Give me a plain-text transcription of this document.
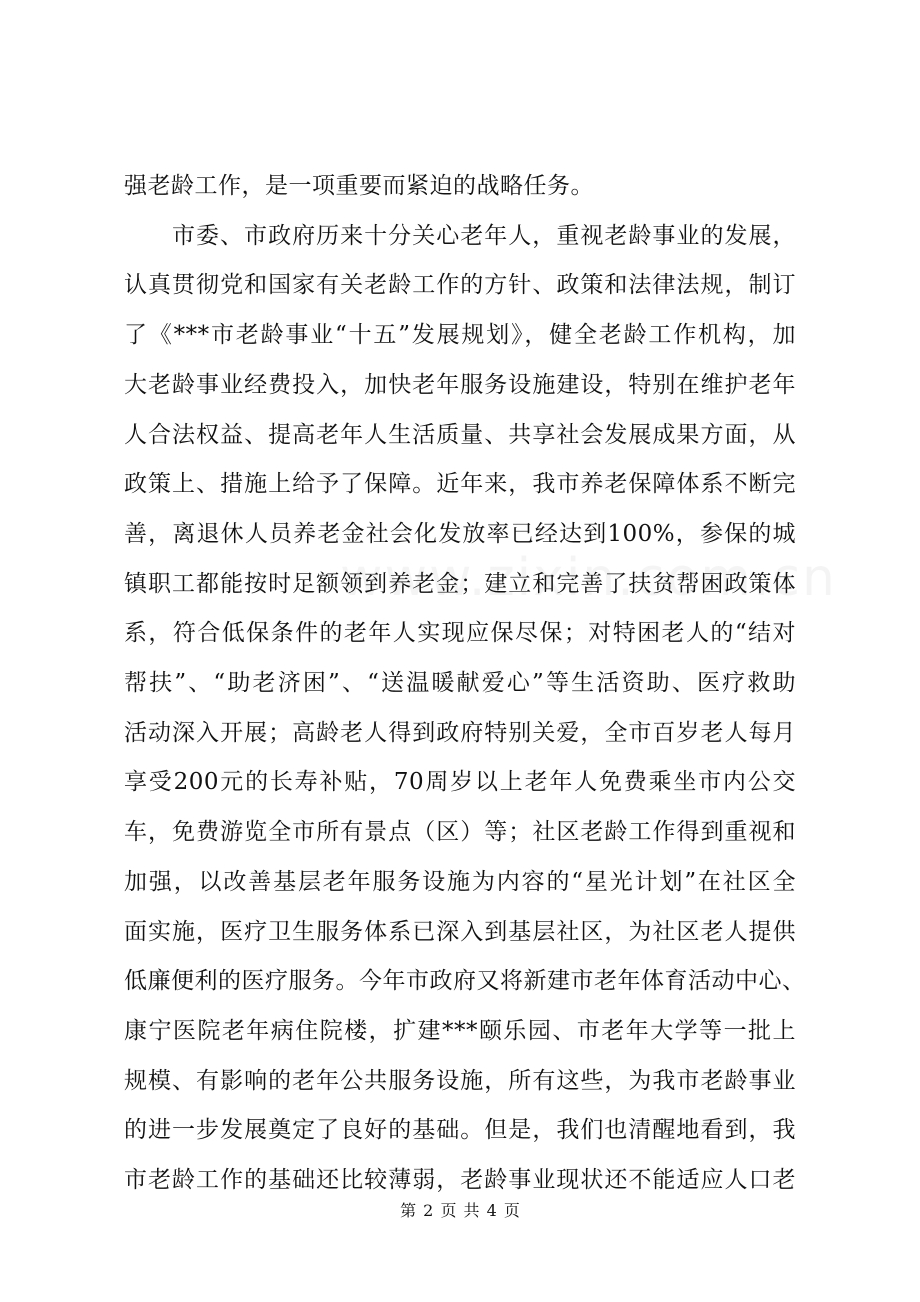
强老龄工作，是一项重要而紧迫的战略任务。
市委、市政府历来十分关心老年人，重视老龄事业的发展，
认真贯彻党和国家有关老龄工作的方针、政策和法律法规，制订
了《***市老龄事业“十五”发展规划》，健全老龄工作机构，加
大老龄事业经费投入，加快老年服务设施建设，特别在维护老年
人合法权益、提高老年人生活质量、共享社会发展成果方面，从
政策上、措施上给予了保障。近年来，我市养老保障体系不断完
善，离退休人员养老金社会化发放率已经达到100%，参保的城
镇职工都能按时足额领到养老金；建立和完善了扶贫帮困政策体
系，符合低保条件的老年人实现应保尽保；对特困老人的“结对
帮扶”、“助老济困”、“送温暖献爱心”等生活资助、医疗救助
活动深入开展；高龄老人得到政府特别关爱，全市百岁老人每月
享受200元的长寿补贴，70周岁以上老年人免费乘坐市内公交
车，免费游览全市所有景点（区）等；社区老龄工作得到重视和
加强，以改善基层老年服务设施为内容的“星光计划”在社区全
面实施，医疗卫生服务体系已深入到基层社区，为社区老人提供
低廉便利的医疗服务。今年市政府又将新建市老年体育活动中心、
康宁医院老年病住院楼，扩建***颐乐园、市老年大学等一批上
规模、有影响的老年公共服务设施，所有这些，为我市老龄事业
的进一步发展奠定了良好的基础。但是，我们也清醒地看到，我
市老龄工作的基础还比较薄弱，老龄事业现状还不能适应人口老
第 2 页 共 4 页
